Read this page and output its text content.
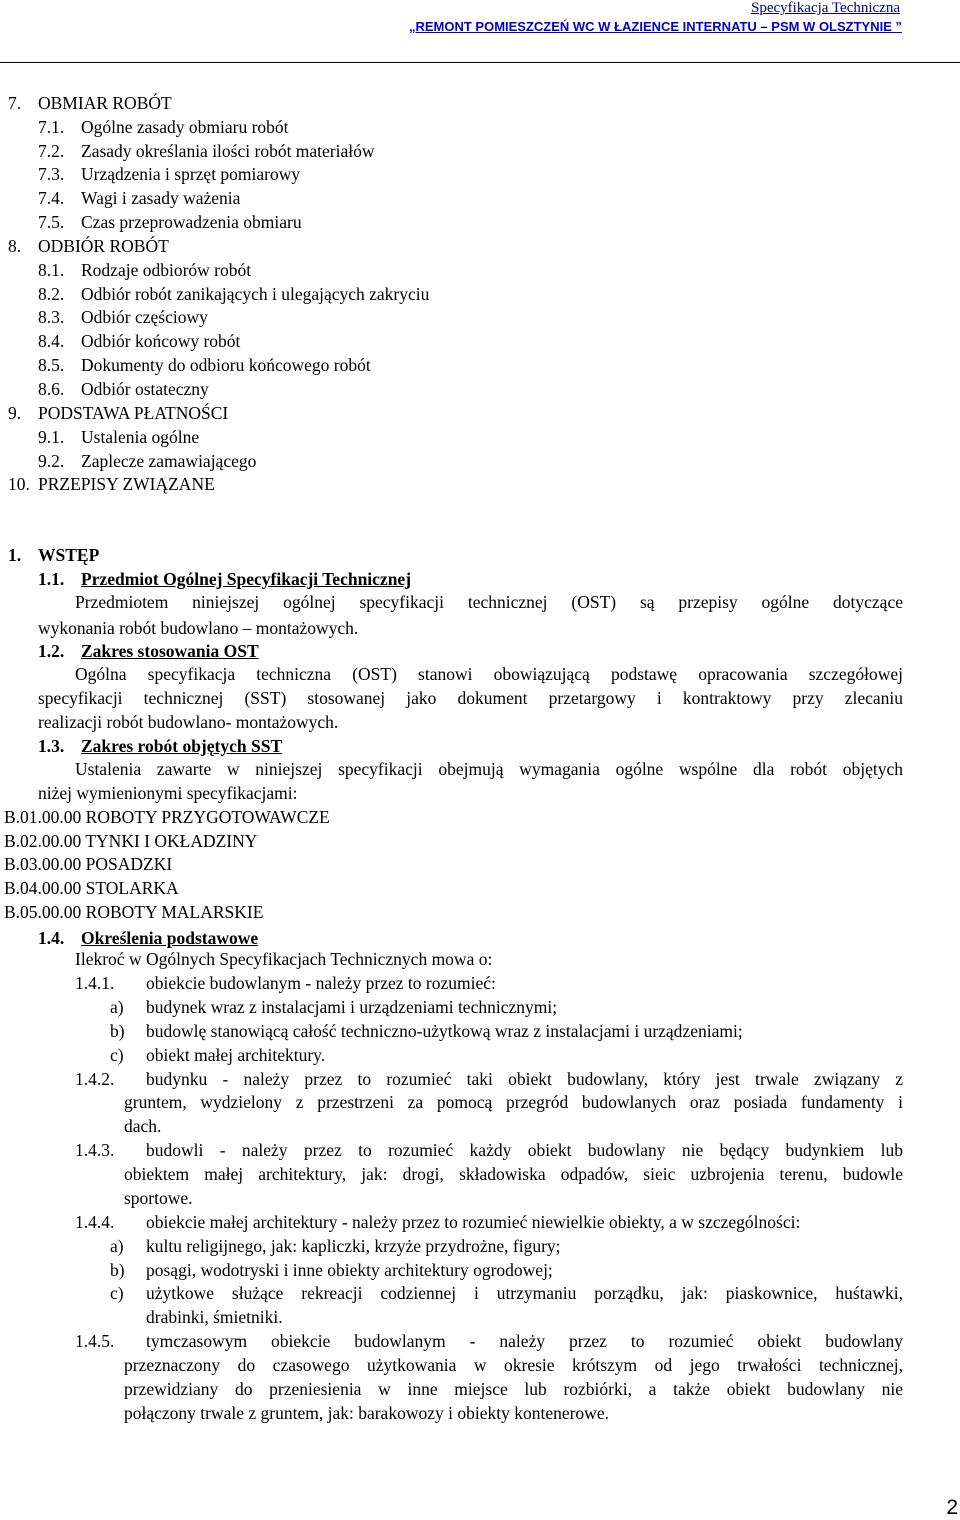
Specyfikacja Techniczna
„REMONT POMIESZCZEŃ WC W ŁAZIENCE INTERNATU – PSM W OLSZTYNIE ”
7. OBMIAR ROBÓT
7.1. Ogólne zasady obmiaru robót
7.2. Zasady określania ilości robót materiałów
7.3. Urządzenia i sprzęt pomiarowy
7.4. Wagi i zasady ważenia
7.5. Czas przeprowadzenia obmiaru
8. ODBIÓR ROBÓT
8.1. Rodzaje odbiorów robót
8.2. Odbiór robót zanikających i ulegających zakryciu
8.3. Odbiór częściowy
8.4. Odbiór końcowy robót
8.5. Dokumenty do odbioru końcowego robót
8.6. Odbiór ostateczny
9. PODSTAWA PŁATNOŚCI
9.1. Ustalenia ogólne
9.2. Zaplecze zamawiającego
10. PRZEPISY ZWIĄZANE
1. WSTĘP
1.1. Przedmiot Ogólnej Specyfikacji Technicznej
Przedmiotem niniejszej ogólnej specyfikacji technicznej (OST) są przepisy ogólne dotyczące
wykonania robót budowlano – montażowych.
1.2. Zakres stosowania OST
Ogólna specyfikacja techniczna (OST) stanowi obowiązującą podstawę opracowania szczegółowej
specyfikacji technicznej (SST) stosowanej jako dokument przetargowy i kontraktowy przy zlecaniu
realizacji robót budowlano- montażowych.
1.3. Zakres robót objętych SST
Ustalenia zawarte w niniejszej specyfikacji obejmują wymagania ogólne wspólne dla robót objętych
niżej wymienionymi specyfikacjami:
B.01.00.00 ROBOTY PRZYGOTOWAWCZE
B.02.00.00 TYNKI I OKŁADZINY
B.03.00.00 POSADZKI
B.04.00.00 STOLARKA
B.05.00.00 ROBOTY MALARSKIE
1.4. Określenia podstawowe
Ilekroć w Ogólnych Specyfikacjach Technicznych mowa o:
1.4.1. obiekcie budowlanym - należy przez to rozumieć:
a) budynek wraz z instalacjami i urządzeniami technicznymi;
b) budowlę stanowiącą całość techniczno-użytkową wraz z instalacjami i urządzeniami;
c) obiekt małej architektury.
1.4.2. budynku - należy przez to rozumieć taki obiekt budowlany, który jest trwale związany z
gruntem, wydzielony z przestrzeni za pomocą przegród budowlanych oraz posiada fundamenty i
dach.
1.4.3. budowli - należy przez to rozumieć każdy obiekt budowlany nie będący budynkiem lub
obiektem małej architektury, jak: drogi, składowiska odpadów, sieic uzbrojenia terenu, budowle
sportowe.
1.4.4. obiekcie małej architektury - należy przez to rozumieć niewielkie obiekty, a w szczególności:
a) kultu religijnego, jak: kapliczki, krzyże przydrożne, figury;
b) posągi, wodotryski i inne obiekty architektury ogrodowej;
c) użytkowe służące rekreacji codziennej i utrzymaniu porządku, jak: piaskownice, huśtawki,
drabinki, śmietniki.
1.4.5. tymczasowym obiekcie budowlanym - należy przez to rozumieć obiekt budowlany
przeznaczony do czasowego użytkowania w okresie krótszym od jego trwałości technicznej,
przewidziany do przeniesienia w inne miejsce lub rozbiórki, a także obiekt budowlany nie
połączony trwale z gruntem, jak: barakowozy i obiekty kontenerowe.
2
